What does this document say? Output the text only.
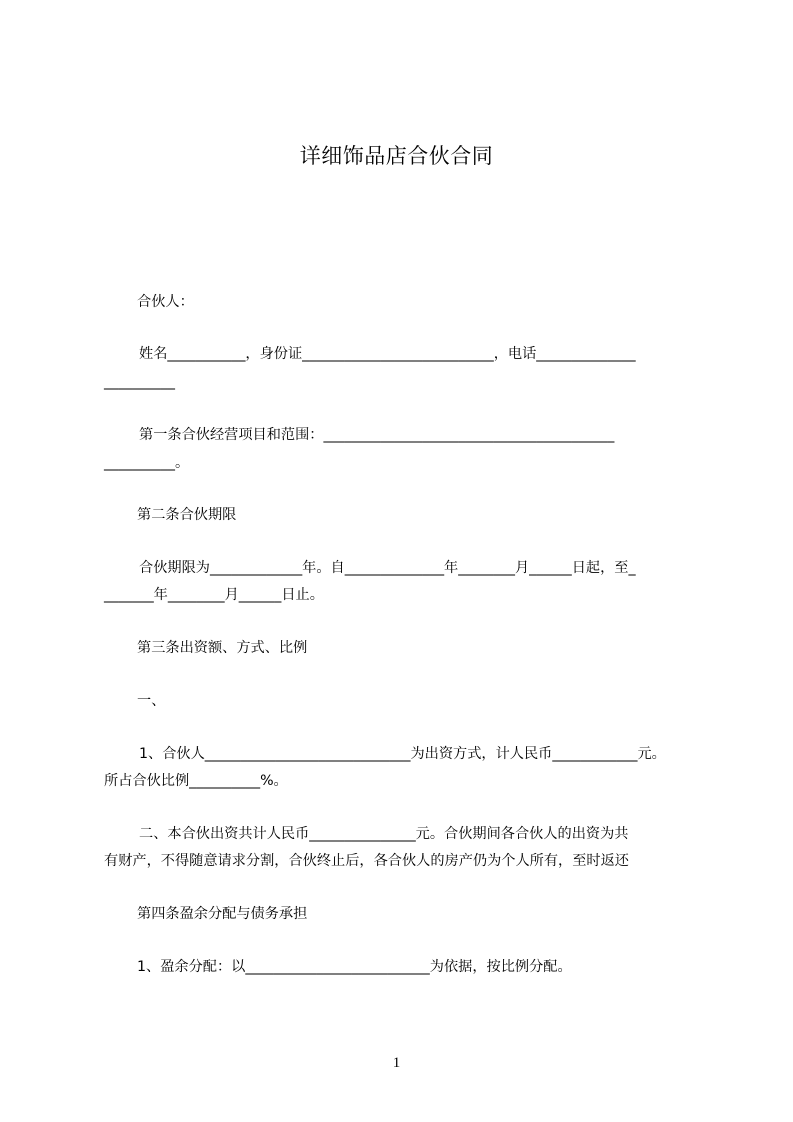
详细饰品店合伙合同
合伙人：
姓名___________，身份证___________________________，电话______________
__________
第一条合伙经营项目和范围：_________________________________________
__________。
第二条合伙期限
合伙期限为_____________年。自______________年________月______日起，至_
_______年________月______日止。
第三条出资额、方式、比例
一、
1、合伙人_____________________________为出资方式，计人民币____________元。
所占合伙比例__________%。
二、本合伙出资共计人民币_______________元。合伙期间各合伙人的出资为共
有财产，不得随意请求分割，合伙终止后，各合伙人的房产仍为个人所有，至时返还
第四条盈余分配与债务承担
1、盈余分配：以__________________________为依据，按比例分配。
1
